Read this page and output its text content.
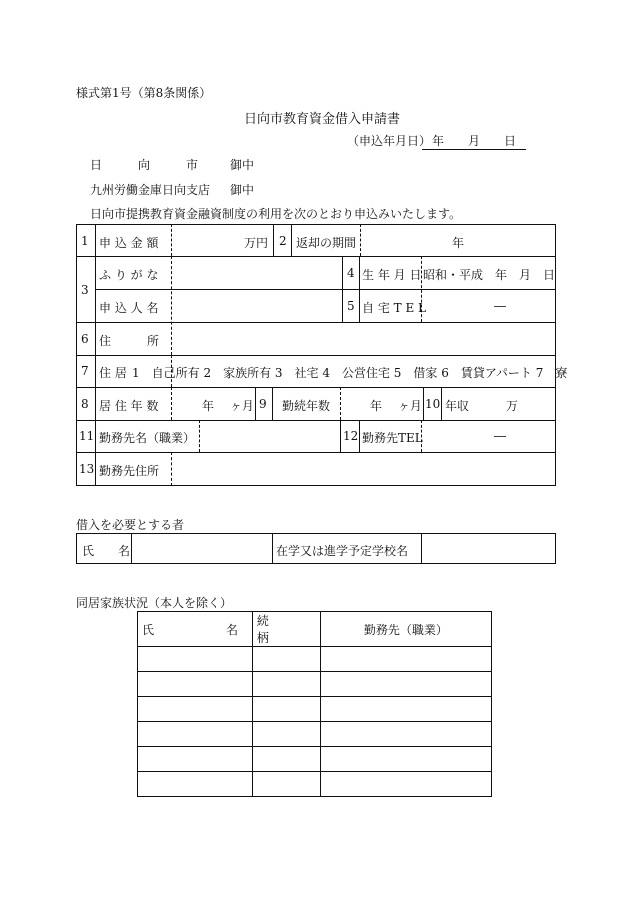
様式第1号（第8条関係）
日向市教育資金借入申請書
（申込年月日） 年　　月　　日
日　　　向　　　市	御中
九州労働金庫日向支店 御中
日向市提携教育資金融資制度の利用を次のとおり申込みいたします。
1 申 込 金 額	万円 2 返却の期間	年
3
ふ り が な	4 生 年 月 日 昭和・平成　年　月　日
申 込 人 名	5 自 宅 T E L	―
6 住　　　所
7 住 居 1　自己所有 2　家族所有 3　社宅 4　公営住宅 5　借家 6　賃貸アパート 7　寮
8 居 住 年 数	年　 ヶ月 9 勤続年数	年　 ヶ月 10 年収	万
11 勤務先名（職業）	12 勤務先TEL	―
13 勤務先住所
借入を必要とする者
氏　　名	在学又は進学予定学校名
同居家族状況（本人を除く）
氏　　　　　　名	続　　　柄	勤務先（職業）
